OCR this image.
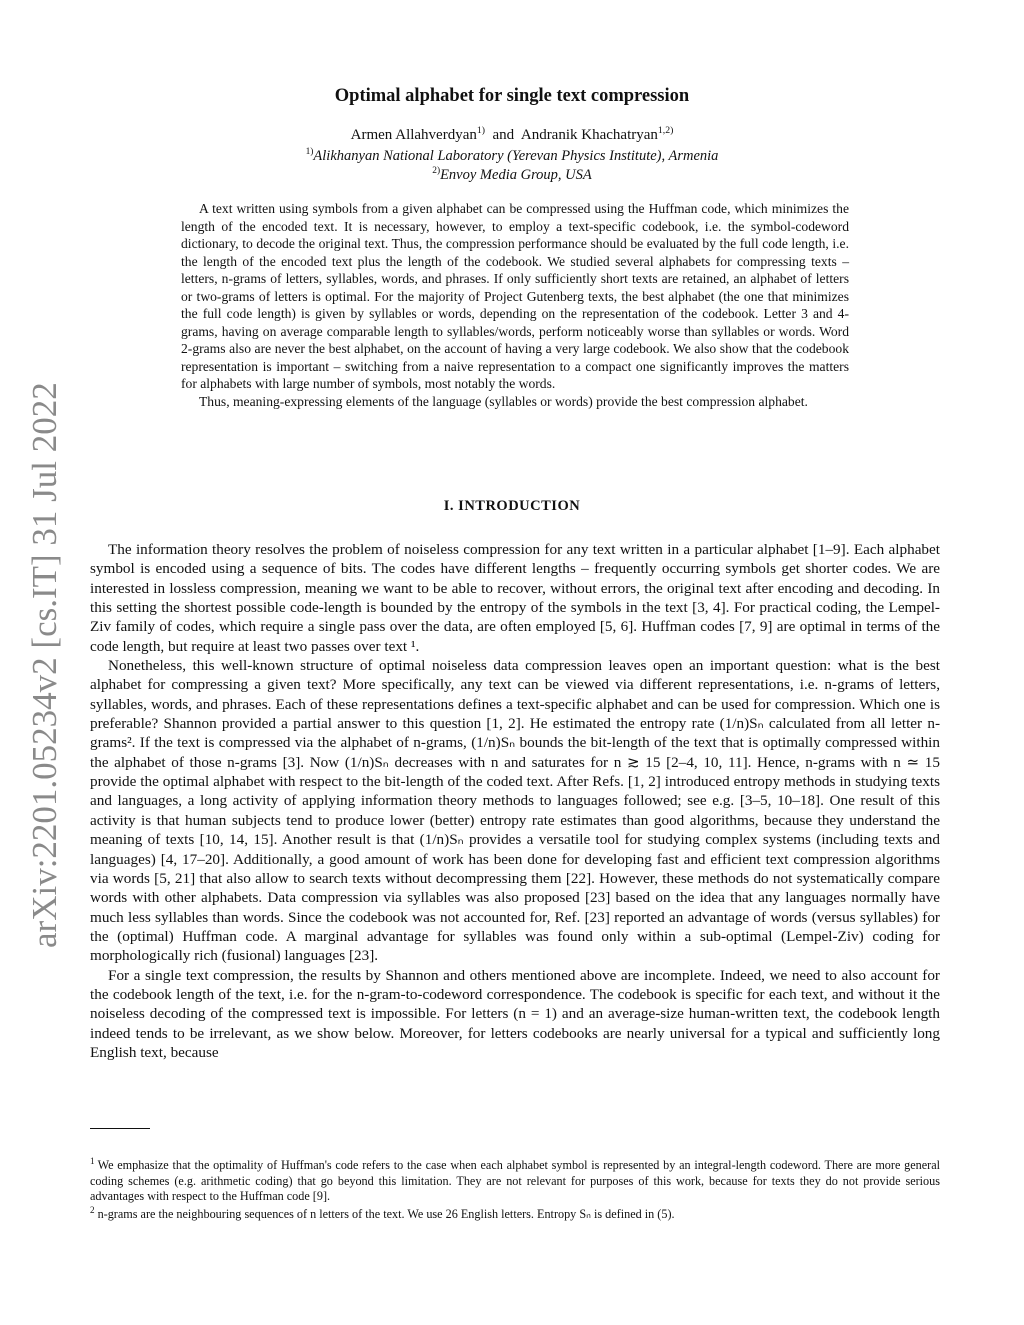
arXiv:2201.05234v2 [cs.IT] 31 Jul 2022
Optimal alphabet for single text compression
Armen Allahverdyan$^{1)}$ and Andranik Khachatryan$^{1,2)}$
$^{1)}$Alikhanyan National Laboratory (Yerevan Physics Institute), Armenia
$^{2)}$Envoy Media Group, USA

A text written using symbols from a given alphabet can be compressed using the Huffman code, which minimizes the length of the encoded text. It is necessary, however, to employ a text-specific codebook, i.e. the symbol-codeword dictionary, to decode the original text. Thus, the compression performance should be evaluated by the full code length, i.e. the length of the encoded text plus the length of the codebook. We studied several alphabets for compressing texts – letters, n-grams of letters, syllables, words, and phrases. If only sufficiently short texts are retained, an alphabet of letters or two-grams of letters is optimal. For the majority of Project Gutenberg texts, the best alphabet (the one that minimizes the full code length) is given by syllables or words, depending on the representation of the codebook. Letter 3 and 4-grams, having on average comparable length to syllables/words, perform noticeably worse than syllables or words. Word 2-grams also are never the best alphabet, on the account of having a very large codebook. We also show that the codebook representation is important – switching from a naive representation to a compact one significantly improves the matters for alphabets with large number of symbols, most notably the words.

Thus, meaning-expressing elements of the language (syllables or words) provide the best compression alphabet.

I. INTRODUCTION

The information theory resolves the problem of noiseless compression for any text written in a particular alphabet [1–9]. Each alphabet symbol is encoded using a sequence of bits. The codes have different lengths – frequently occurring symbols get shorter codes. We are interested in lossless compression, meaning we want to be able to recover, without errors, the original text after encoding and decoding. In this setting the shortest possible code-length is bounded by the entropy of the symbols in the text [3, 4]. For practical coding, the Lempel-Ziv family of codes, which require a single pass over the data, are often employed [5, 6]. Huffman codes [7, 9] are optimal in terms of the code length, but require at least two passes over text ¹.

Nonetheless, this well-known structure of optimal noiseless data compression leaves open an important question: what is the best alphabet for compressing a given text? More specifically, any text can be viewed via different representations, i.e. n-grams of letters, syllables, words, and phrases. Each of these representations defines a text-specific alphabet and can be used for compression. Which one is preferable? Shannon provided a partial answer to this question [1, 2]. He estimated the entropy rate (1/n)Sₙ calculated from all letter n-grams². If the text is compressed via the alphabet of n-grams, (1/n)Sₙ bounds the bit-length of the text that is optimally compressed within the alphabet of those n-grams [3]. Now (1/n)Sₙ decreases with n and saturates for n ≳ 15 [2–4, 10, 11]. Hence, n-grams with n ≃ 15 provide the optimal alphabet with respect to the bit-length of the coded text. After Refs. [1, 2] introduced entropy methods in studying texts and languages, a long activity of applying information theory methods to languages followed; see e.g. [3–5, 10–18]. One result of this activity is that human subjects tend to produce lower (better) entropy rate estimates than good algorithms, because they understand the meaning of texts [10, 14, 15]. Another result is that (1/n)Sₙ provides a versatile tool for studying complex systems (including texts and languages) [4, 17–20]. Additionally, a good amount of work has been done for developing fast and efficient text compression algorithms via words [5, 21] that also allow to search texts without decompressing them [22]. However, these methods do not systematically compare words with other alphabets. Data compression via syllables was also proposed [23] based on the idea that any languages normally have much less syllables than words. Since the codebook was not accounted for, Ref. [23] reported an advantage of words (versus syllables) for the (optimal) Huffman code. A marginal advantage for syllables was found only within a sub-optimal (Lempel-Ziv) coding for morphologically rich (fusional) languages [23].

For a single text compression, the results by Shannon and others mentioned above are incomplete. Indeed, we need to also account for the codebook length of the text, i.e. for the n-gram-to-codeword correspondence. The codebook is specific for each text, and without it the noiseless decoding of the compressed text is impossible. For letters (n = 1) and an average-size human-written text, the codebook length indeed tends to be irrelevant, as we show below. Moreover, for letters codebooks are nearly universal for a typical and sufficiently long English text, because

$^1$ We emphasize that the optimality of Huffman's code refers to the case when each alphabet symbol is represented by an integral-length codeword. There are more general coding schemes (e.g. arithmetic coding) that go beyond this limitation. They are not relevant for purposes of this work, because for texts they do not provide serious advantages with respect to the Huffman code [9].

$^2$ n-grams are the neighbouring sequences of n letters of the text. We use 26 English letters. Entropy Sₙ is defined in (5).
